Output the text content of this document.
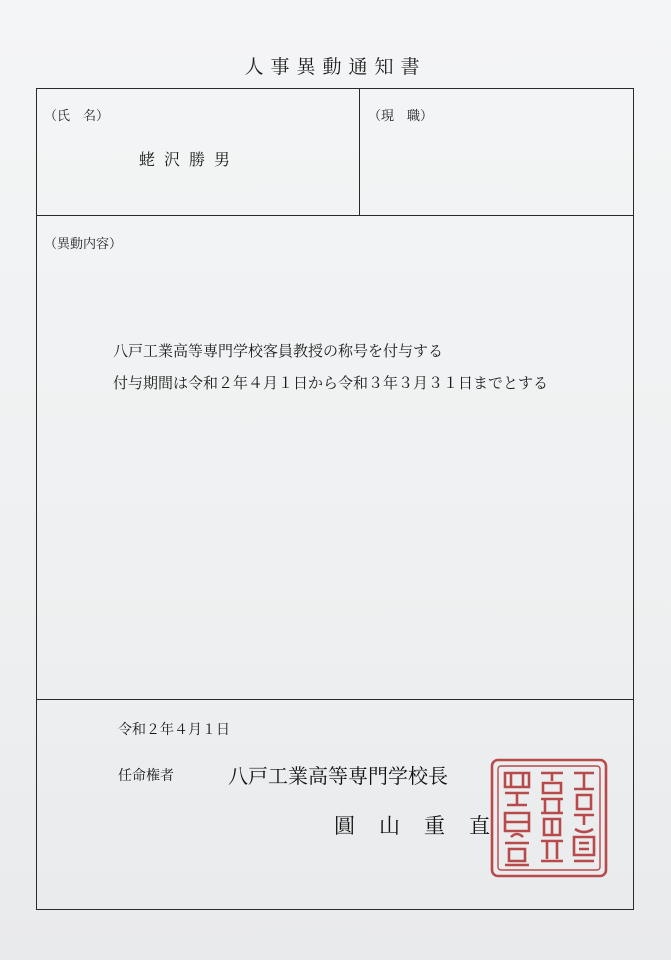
人事異動通知書
（氏　名）
蛯沢勝男
（現　職）
（異動内容）
八戸工業高等専門学校客員教授の称号を付与する
付与期間は令和２年４月１日から令和３年３月３１日までとする
令和２年４月１日
任命権者	八戸工業高等専門学校長
圓山重直
